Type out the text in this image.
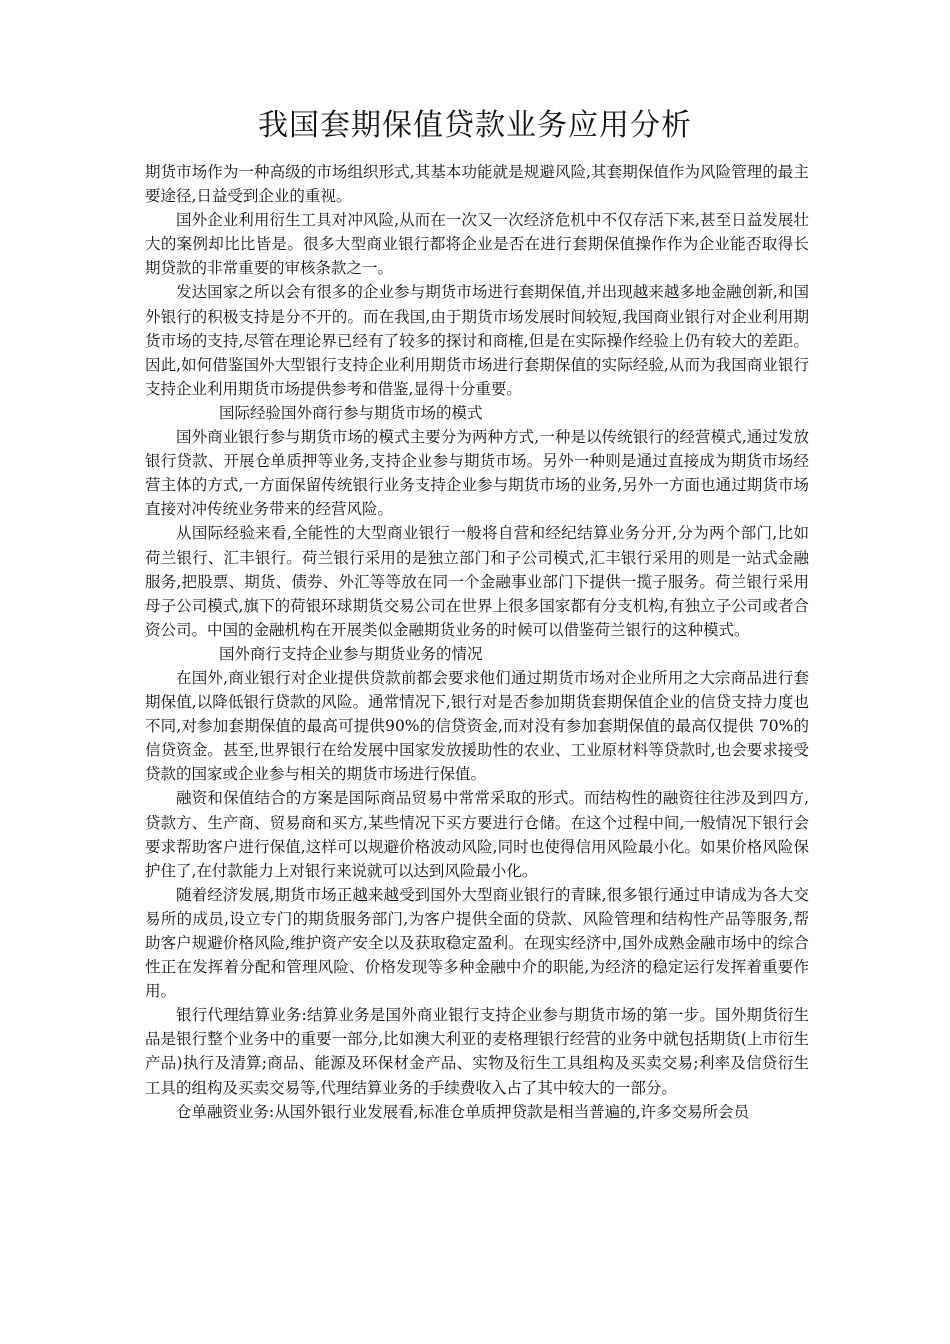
我国套期保值贷款业务应用分析

期货市场作为一种高级的市场组织形式,其基本功能就是规避风险,其套期保值作为风险管理的最主要途径,日益受到企业的重视。

国外企业利用衍生工具对冲风险,从而在一次又一次经济危机中不仅存活下来,甚至日益发展壮大的案例却比比皆是。很多大型商业银行都将企业是否在进行套期保值操作作为企业能否取得长期贷款的非常重要的审核条款之一。

发达国家之所以会有很多的企业参与期货市场进行套期保值,并出现越来越多地金融创新,和国外银行的积极支持是分不开的。而在我国,由于期货市场发展时间较短,我国商业银行对企业利用期货市场的支持,尽管在理论界已经有了较多的探讨和商榷,但是在实际操作经验上仍有较大的差距。因此,如何借鉴国外大型银行支持企业利用期货市场进行套期保值的实际经验,从而为我国商业银行支持企业利用期货市场提供参考和借鉴,显得十分重要。

国际经验国外商行参与期货市场的模式

国外商业银行参与期货市场的模式主要分为两种方式,一种是以传统银行的经营模式,通过发放银行贷款、开展仓单质押等业务,支持企业参与期货市场。另外一种则是通过直接成为期货市场经营主体的方式,一方面保留传统银行业务支持企业参与期货市场的业务,另外一方面也通过期货市场直接对冲传统业务带来的经营风险。

从国际经验来看,全能性的大型商业银行一般将自营和经纪结算业务分开,分为两个部门,比如荷兰银行、汇丰银行。荷兰银行采用的是独立部门和子公司模式,汇丰银行采用的则是一站式金融服务,把股票、期货、债券、外汇等等放在同一个金融事业部门下提供一揽子服务。荷兰银行采用母子公司模式,旗下的荷银环球期货交易公司在世界上很多国家都有分支机构,有独立子公司或者合资公司。中国的金融机构在开展类似金融期货业务的时候可以借鉴荷兰银行的这种模式。

国外商行支持企业参与期货业务的情况

在国外,商业银行对企业提供贷款前都会要求他们通过期货市场对企业所用之大宗商品进行套期保值,以降低银行贷款的风险。通常情况下,银行对是否参加期货套期保值企业的信贷支持力度也不同,对参加套期保值的最高可提供90%的信贷资金,而对没有参加套期保值的最高仅提供 70%的信贷资金。甚至,世界银行在给发展中国家发放援助性的农业、工业原材料等贷款时,也会要求接受贷款的国家或企业参与相关的期货市场进行保值。

融资和保值结合的方案是国际商品贸易中常常采取的形式。而结构性的融资往往涉及到四方,贷款方、生产商、贸易商和买方,某些情况下买方要进行仓储。在这个过程中间,一般情况下银行会要求帮助客户进行保值,这样可以规避价格波动风险,同时也使得信用风险最小化。如果价格风险保护住了,在付款能力上对银行来说就可以达到风险最小化。

随着经济发展,期货市场正越来越受到国外大型商业银行的青睐,很多银行通过申请成为各大交易所的成员,设立专门的期货服务部门,为客户提供全面的贷款、风险管理和结构性产品等服务,帮助客户规避价格风险,维护资产安全以及获取稳定盈利。在现实经济中,国外成熟金融市场中的综合性正在发挥着分配和管理风险、价格发现等多种金融中介的职能,为经济的稳定运行发挥着重要作用。

银行代理结算业务:结算业务是国外商业银行支持企业参与期货市场的第一步。国外期货衍生品是银行整个业务中的重要一部分,比如澳大利亚的麦格理银行经营的业务中就包括期货(上市衍生产品)执行及清算;商品、能源及环保材金产品、实物及衍生工具组构及买卖交易;利率及信贷衍生工具的组构及买卖交易等,代理结算业务的手续费收入占了其中较大的一部分。

仓单融资业务:从国外银行业发展看,标准仓单质押贷款是相当普遍的,许多交易所会员
